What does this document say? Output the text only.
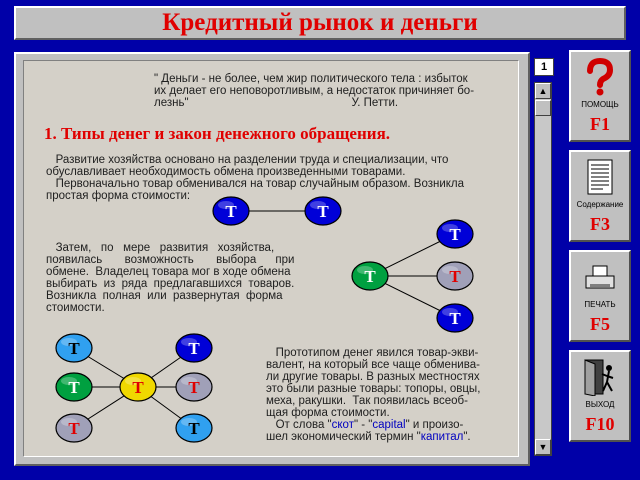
Кредитный рынок и деньги
" Деньги - не более, чем жир политического тела : избыток
их делает его неповоротливым, а недостаток причиняет бо-
лезнь"                                                   У. Петти.
1. Типы денег и закон денежного обращения.
Развитие хозяйства основано на разделении труда и специализации, что
обуславливает необходимость обмена произведенными товарами.
Первоначально товар обменивался на товар случайным образом. Возникла
простая форма стоимости:
Затем,   по   мере   развития   хозяйства,
появилась       возможность       выбора      при
обмене.  Владелец товара мог в ходе обмена
выбирать  из  ряда  предлагавшихся  товаров.
Возникла  полная  или  развернутая  форма
стоимости.
Прототипом денег явился товар-экви-
валент, на который все чаще обменива-
ли другие товары. В разных местностях
это были разные товары: топоры, овцы,
меха, ракушки.  Так появилась всеоб-
щая форма стоимости.
От слова "скот" - "capital" и произо-
шел экономический термин "капитал".
Т	Т
Т
Т
Т
Т
Т
Т
Т
Т
Т
Т
Т
1
▲
▼
ПОМОЩЬ
F1
Содержание
F3
ПЕЧАТЬ
F5
ВЫХОД
F10
